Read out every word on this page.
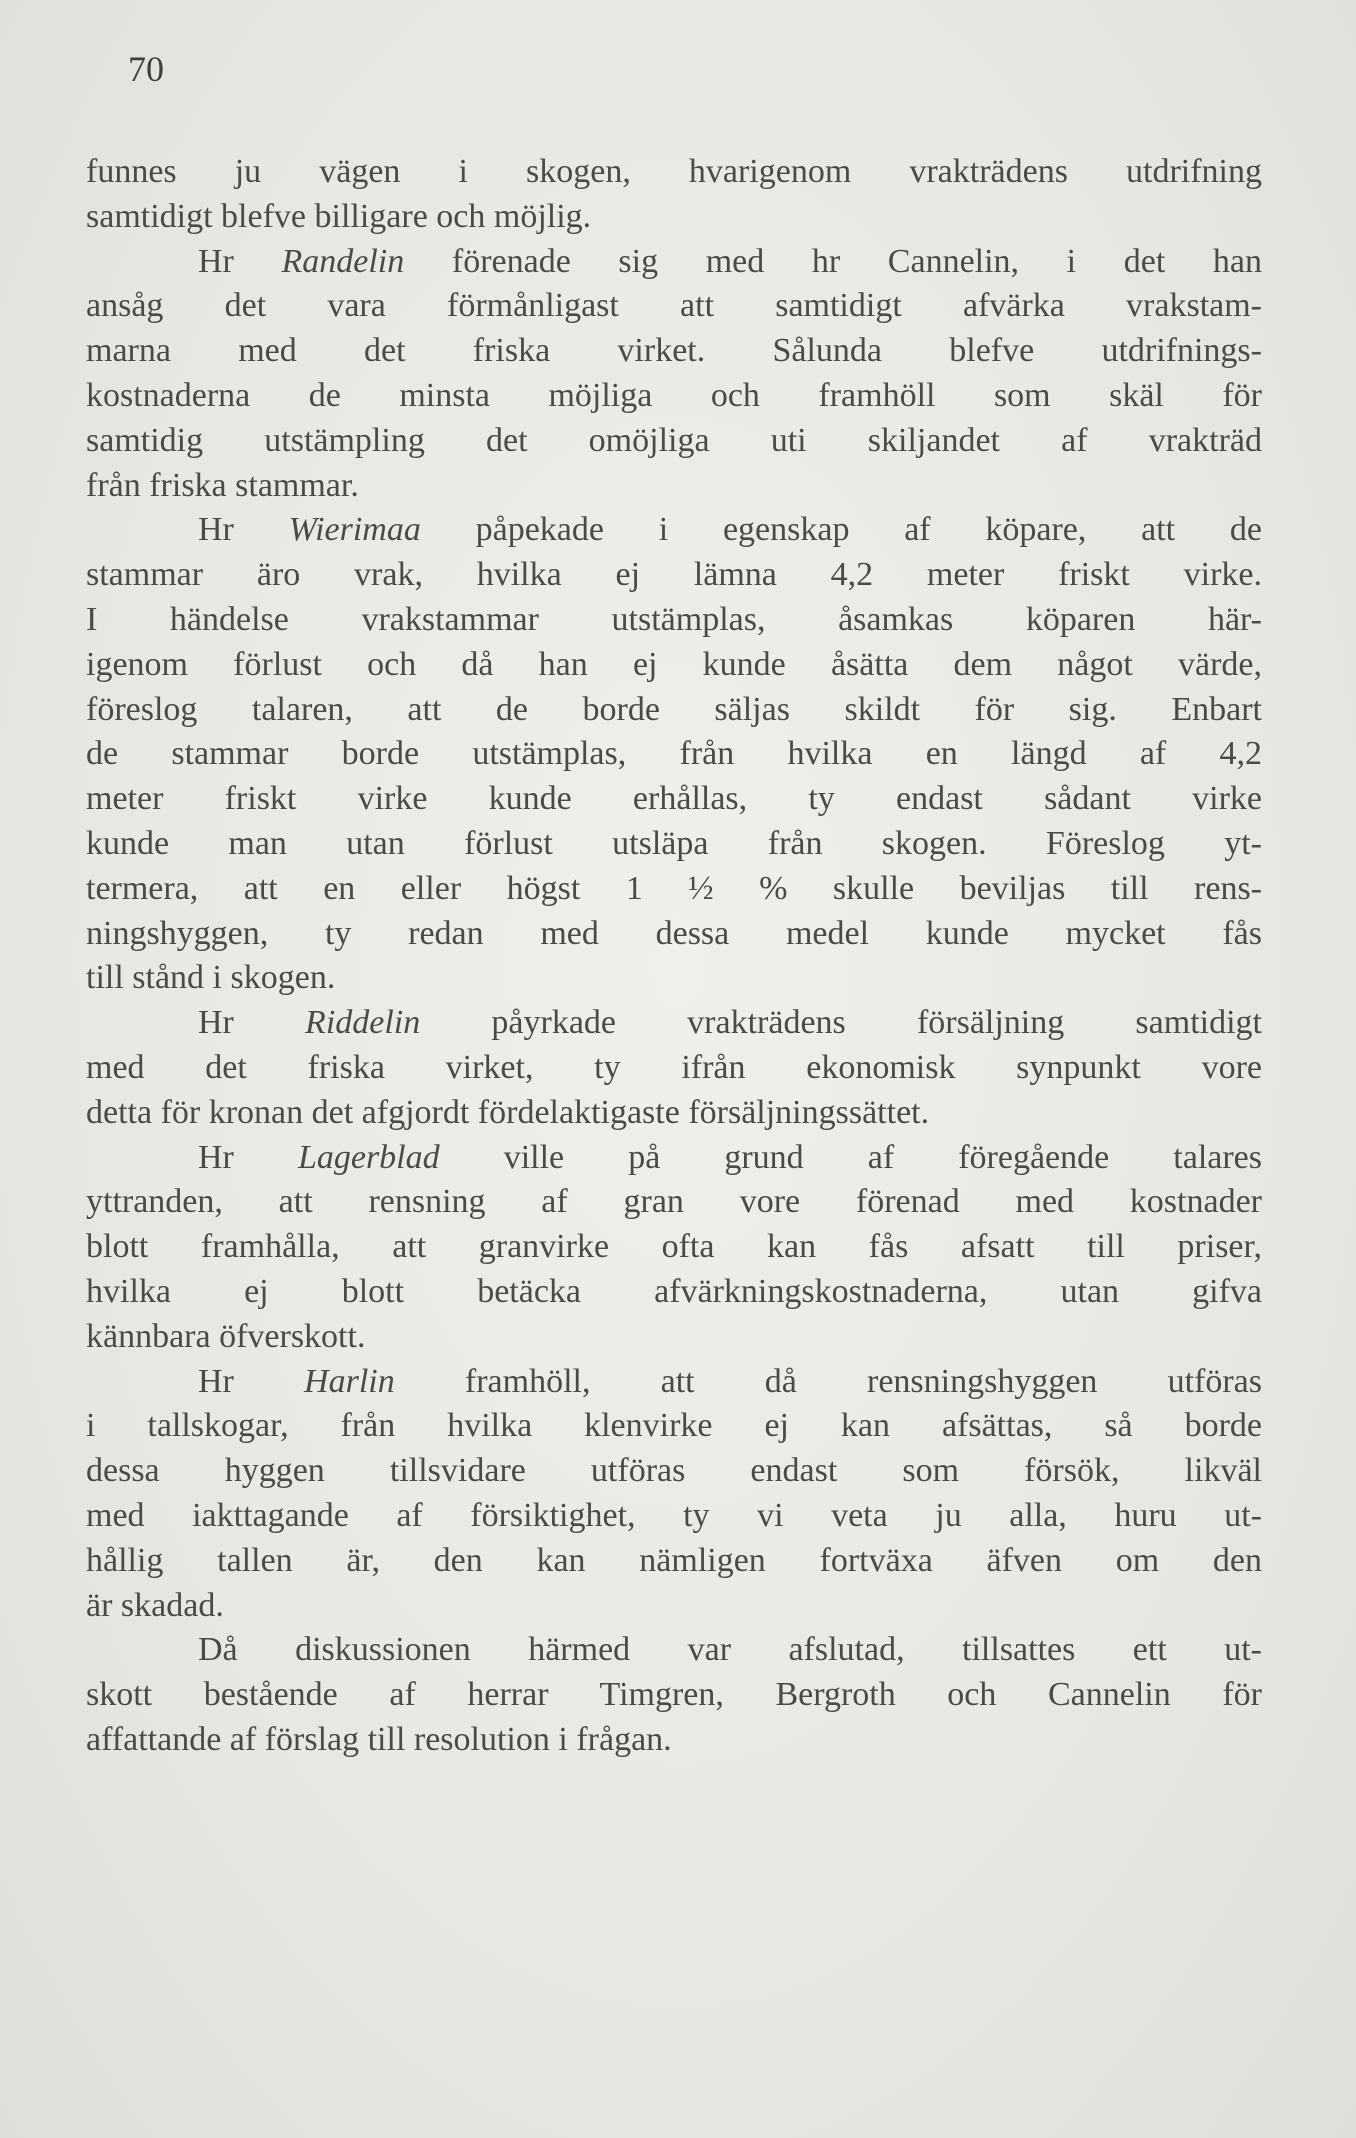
70
funnes ju vägen i skogen, hvarigenom vrakträdens utdrifning
samtidigt blefve billigare och möjlig.
Hr Randelin förenade sig med hr Cannelin, i det han
ansåg det vara förmånligast att samtidigt afvärka vrakstam-
marna med det friska virket. Sålunda blefve utdrifnings-
kostnaderna de minsta möjliga och framhöll som skäl för
samtidig utstämpling det omöjliga uti skiljandet af vrakträd
från friska stammar.
Hr Wierimaa påpekade i egenskap af köpare, att de
stammar äro vrak, hvilka ej lämna 4,2 meter friskt virke.
I händelse vrakstammar utstämplas, åsamkas köparen här-
igenom förlust och då han ej kunde åsätta dem något värde,
föreslog talaren, att de borde säljas skildt för sig. Enbart
de stammar borde utstämplas, från hvilka en längd af 4,2
meter friskt virke kunde erhållas, ty endast sådant virke
kunde man utan förlust utsläpa från skogen. Föreslog yt-
termera, att en eller högst 1 ½ % skulle beviljas till rens-
ningshyggen, ty redan med dessa medel kunde mycket fås
till stånd i skogen.
Hr Riddelin påyrkade vrakträdens försäljning samtidigt
med det friska virket, ty ifrån ekonomisk synpunkt vore
detta för kronan det afgjordt fördelaktigaste försäljningssättet.
Hr Lagerblad ville på grund af föregående talares
yttranden, att rensning af gran vore förenad med kostnader
blott framhålla, att granvirke ofta kan fås afsatt till priser,
hvilka ej blott betäcka afvärkningskostnaderna, utan gifva
kännbara öfverskott.
Hr Harlin framhöll, att då rensningshyggen utföras
i tallskogar, från hvilka klenvirke ej kan afsättas, så borde
dessa hyggen tillsvidare utföras endast som försök, likväl
med iakttagande af försiktighet, ty vi veta ju alla, huru ut-
hållig tallen är, den kan nämligen fortväxa äfven om den
är skadad.
Då diskussionen härmed var afslutad, tillsattes ett ut-
skott bestående af herrar Timgren, Bergroth och Cannelin för
affattande af förslag till resolution i frågan.
